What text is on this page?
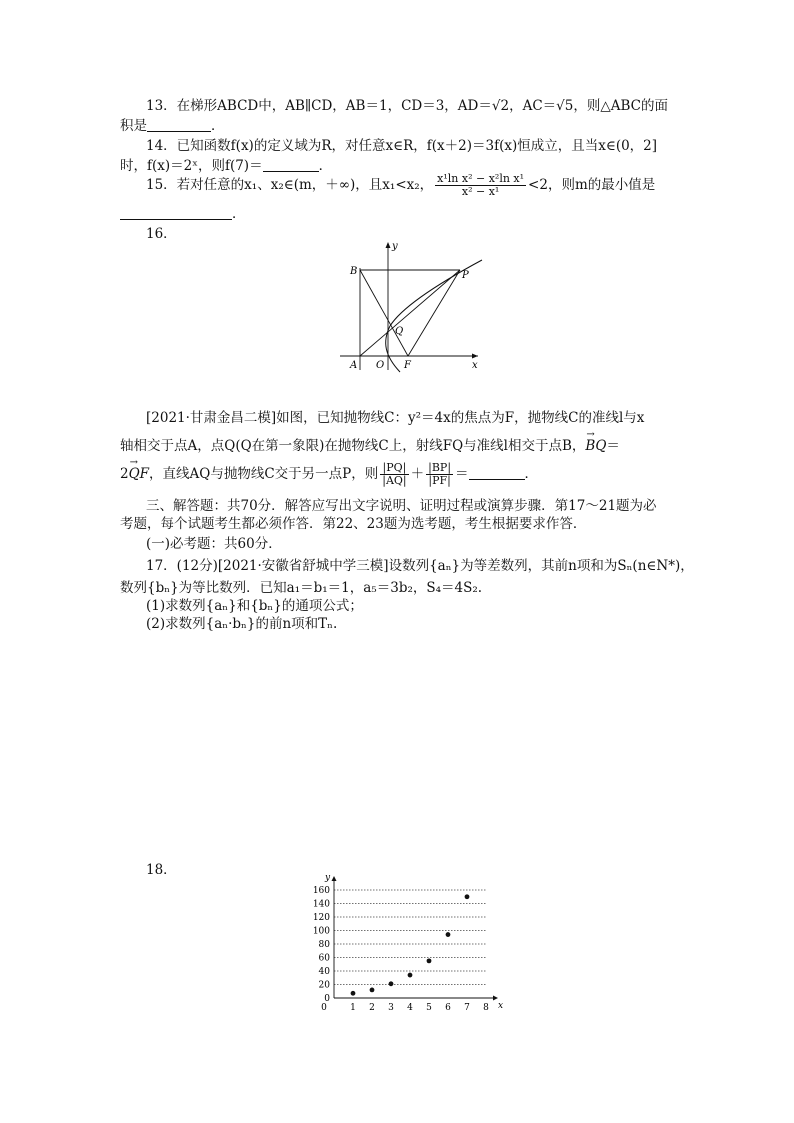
13．在梯形ABCD中，AB∥CD，AB＝1，CD＝3，AD＝√2，AC＝√5，则△ABC的面
积是	．
14．已知函数f(x)的定义域为R，对任意x∈R，f(x＋2)＝3f(x)恒成立，且当x∈(0，2]
时，f(x)＝2ˣ，则f(7)＝	．
15．若对任意的x₁、x₂∈(m，＋∞)，且x₁<x₂， $\frac{\text{x¹ln x² − x²ln x¹}}{\text{x² − x¹}} <2$，则m的最小值是
．
16．
y
x
B	P
Q
A O F
[2021·甘肃金昌二模]如图，已知抛物线C：y²＝4x的焦点为F，抛物线C的准线l与x
轴相交于点A，点Q(Q在第一象限)在抛物线C上，射线FQ与准线l相交于点B，→ BQ＝
2→ QF，直线AQ与抛物线C交于另一点P，则 $\frac{|PQ|}{|AQ|} + \frac{|BP|}{|PF|}$ ＝	．
三、解答题：共70分．解答应写出文字说明、证明过程或演算步骤．第17～21题为必
考题，每个试题考生都必须作答．第22、23题为选考题，考生根据要求作答．
(一)必考题：共60分．
17．(12分)[2021·安徽省舒城中学三模]设数列{aₙ}为等差数列，其前n项和为Sₙ(n∈N*)，
数列{bₙ}为等比数列．已知a₁＝b₁＝1，a₅＝3b₂，S₄＝4S₂.
(1)求数列{aₙ}和{bₙ}的通项公式；
(2)求数列{aₙ·bₙ}的前n项和Tₙ.
18．
x
y
0
20
40
60
80
100
120
140
160
0	1 2 3 4 5 6 7 8
